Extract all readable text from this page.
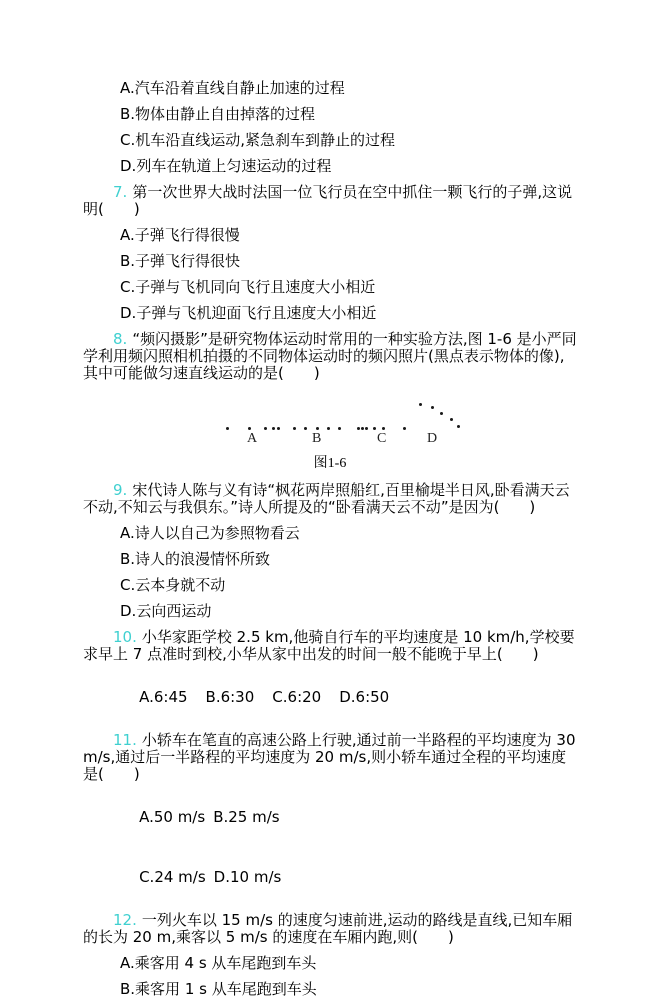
A.汽车沿着直线自静止加速的过程
B.物体由静止自由掉落的过程
C.机车沿直线运动,紧急刹车到静止的过程
D.列车在轨道上匀速运动的过程

7. 第一次世界大战时法国一位飞行员在空中抓住一颗飞行的子弹,这说明(　　)

A.子弹飞行得很慢
B.子弹飞行得很快
C.子弹与飞机同向飞行且速度大小相近
D.子弹与飞机迎面飞行且速度大小相近

8. “频闪摄影”是研究物体运动时常用的一种实验方法,图 1-6 是小严同学利用频闪照相机拍摄的不同物体运动时的频闪照片(黑点表示物体的像),其中可能做匀速直线运动的是(　　)

A	B	C	D
图1-6

9. 宋代诗人陈与义有诗“枫花两岸照船红,百里榆堤半日风,卧看满天云不动,不知云与我俱东。”诗人所提及的“卧看满天云不动”是因为(　　)

A.诗人以自己为参照物看云
B.诗人的浪漫情怀所致
C.云本身就不动
D.云向西运动

10. 小华家距学校 2.5 km,他骑自行车的平均速度是 10 km/h,学校要求早上 7 点准时到校,小华从家中出发的时间一般不能晚于早上(　　)

A.6:45 B.6:30 C.6:20 D.6:50

11. 小轿车在笔直的高速公路上行驶,通过前一半路程的平均速度为 30 m/s,通过后一半路程的平均速度为 20 m/s,则小轿车通过全程的平均速度是(　　)

A.50 m/s B.25 m/s

C.24 m/s D.10 m/s

12. 一列火车以 15 m/s 的速度匀速前进,运动的路线是直线,已知车厢的长为 20 m,乘客以 5 m/s 的速度在车厢内跑,则(　　)

A.乘客用 4 s 从车尾跑到车头
B.乘客用 1 s 从车尾跑到车头
